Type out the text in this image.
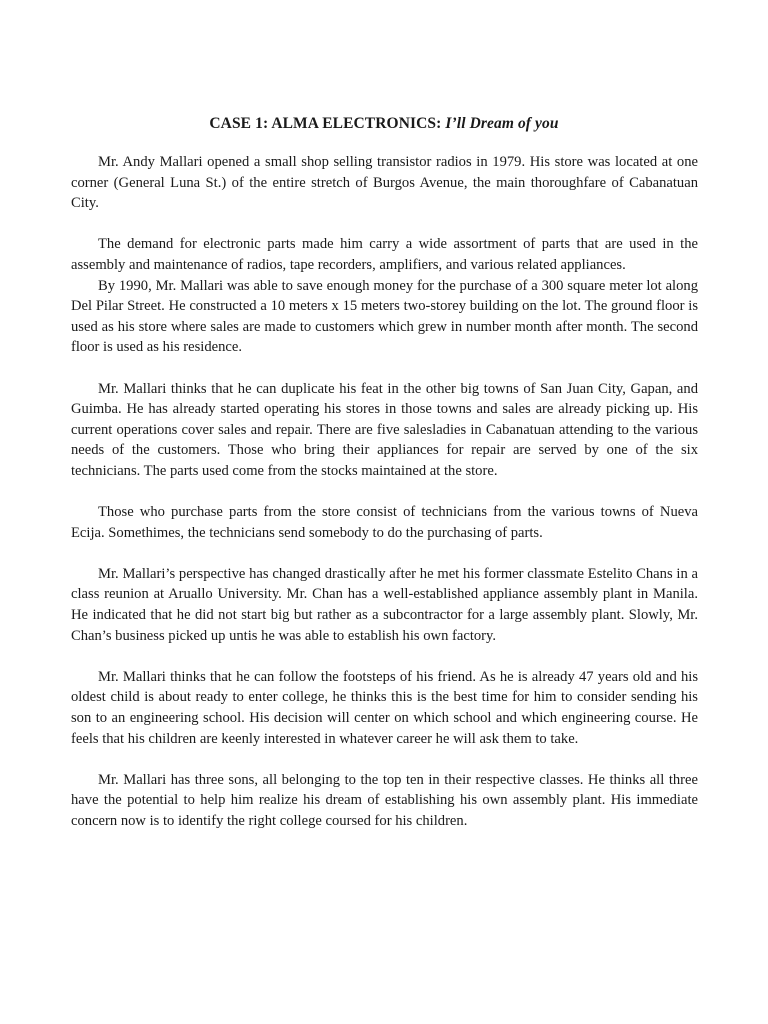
CASE 1: ALMA ELECTRONICS: I’ll Dream of you

Mr. Andy Mallari opened a small shop selling transistor radios in 1979. His store was located at one corner (General Luna St.) of the entire stretch of Burgos Avenue, the main thoroughfare of Cabanatuan City.

The demand for electronic parts made him carry a wide assortment of parts that are used in the assembly and maintenance of radios, tape recorders, amplifiers, and various related appliances.

By 1990, Mr. Mallari was able to save enough money for the purchase of a 300 square meter lot along Del Pilar Street. He constructed a 10 meters x 15 meters two-storey building on the lot. The ground floor is used as his store where sales are made to customers which grew in number month after month. The second floor is used as his residence.

Mr. Mallari thinks that he can duplicate his feat in the other big towns of San Juan City, Gapan, and Guimba. He has already started operating his stores in those towns and sales are already picking up. His current operations cover sales and repair. There are five salesladies in Cabanatuan attending to the various needs of the customers. Those who bring their appliances for repair are served by one of the six technicians. The parts used come from the stocks maintained at the store.

Those who purchase parts from the store consist of technicians from the various towns of Nueva Ecija. Somethimes, the technicians send somebody to do the purchasing of parts.

Mr. Mallari’s perspective has changed drastically after he met his former classmate Estelito Chans in a class reunion at Aruallo University. Mr. Chan has a well-established appliance assembly plant in Manila. He indicated that he did not start big but rather as a subcontractor for a large assembly plant. Slowly, Mr. Chan’s business picked up untis he was able to establish his own factory.

Mr. Mallari thinks that he can follow the footsteps of his friend. As he is already 47 years old and his oldest child is about ready to enter college, he thinks this is the best time for him to consider sending his son to an engineering school. His decision will center on which school and which engineering course. He feels that his children are keenly interested in whatever career he will ask them to take.

Mr. Mallari has three sons, all belonging to the top ten in their respective classes. He thinks all three have the potential to help him realize his dream of establishing his own assembly plant. His immediate concern now is to identify the right college coursed for his children.
